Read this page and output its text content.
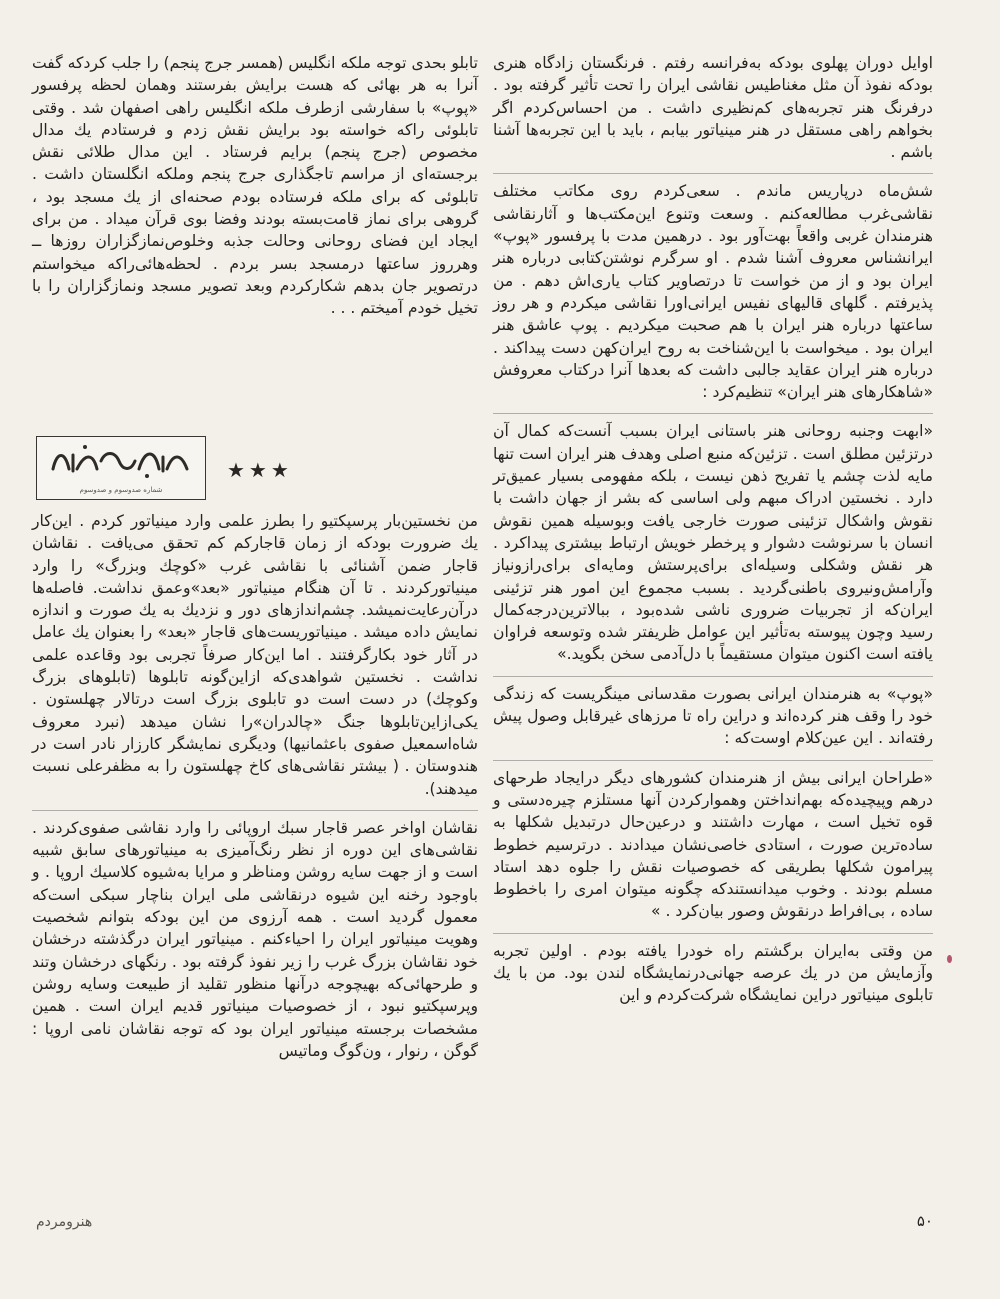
اوایل دوران پهلوی بودکه به‌فرانسه رفتم . فرنگستان زادگاه هنری بودکه نفوذ آن مثل مغناطیس نقاشی ایران را تحت تأثیر گرفته بود . درفرنگ هنر تجربه‌های کم‌نظیری داشت . من احساس‌کردم اگر بخواهم راهی مستقل در هنر مینیاتور بیابم ، باید با این تجربه‌ها آشنا باشم .

شش‌ماه درپاریس ماندم . سعی‌کردم روی مکاتب مختلف نقاشی‌غرب مطالعه‌کنم . وسعت وتنوع این‌مکتب‌ها و آثارنقاشی هنرمندان غربی واقعاً بهت‌آور بود . درهمین مدت با پرفسور «پوپ» ایرانشناس معروف آشنا شدم . او سرگرم نوشتن‌کتابی درباره هنر ایران بود و از من خواست تا درتصاویر کتاب یاری‌اش دهم . من پذیرفتم . گلهای قالیهای نفیس ایرانی‌اورا نقاشی میکردم و هر روز ساعتها درباره هنر ایران با هم صحبت میکردیم . پوپ عاشق هنر ایران بود . میخواست با این‌شناخت به روح ایران‌کهن دست پیداکند . درباره هنر ایران عقاید جالبی داشت که بعدها آنرا درکتاب معروفش «شاهکارهای هنر ایران» تنظیم‌کرد :

«ابهت وجنبه روحانی هنر باستانی ایران بسبب آنست‌که کمال آن درتزئین مطلق است . تزئین‌که منبع اصلی وهدف هنر ایران است تنها مایه لذت چشم یا تفریح ذهن نیست ، بلکه مفهومی بسیار عمیق‌تر دارد . نخستین ادراک مبهم ولی اساسی که بشر از جهان داشت با نقوش واشکال تزئینی صورت خارجی یافت وبوسیله همین نقوش انسان با سرنوشت دشوار و پرخطر خویش ارتباط بیشتری پیداکرد . هر نقش وشکلی وسیله‌ای برای‌پرستش ومایه‌ای برای‌رازونیاز وآرامش‌ونیروی باطنی‌گردید . بسبب مجموع این امور هنر تزئینی ایران‌که از تجربیات ضروری ناشی شده‌بود ، ببالاترین‌درجه‌کمال رسید وچون پیوسته به‌تأثیر این عوامل ظریفتر شده وتوسعه فراوان یافته است اکنون میتوان مستقیماً با دل‌آدمی سخن بگوید.»

«پوپ» به هنرمندان ایرانی بصورت مقدسانی مینگریست که زندگی خود را وقف هنر کرده‌اند و دراین راه تا مرزهای غیرقابل وصول پیش رفته‌اند . این عین‌کلام اوست‌که :

«طراحان ایرانی بیش از هنرمندان کشورهای دیگر درایجاد طرحهای درهم وپیچیده‌که بهم‌انداختن وهموارکردن آنها مستلزم چیره‌دستی و قوه تخیل است ، مهارت داشتند و درعین‌حال درتبدیل شکلها به ساده‌ترین صورت ، استادی خاصی‌نشان میدادند . درترسیم خطوط پیرامون شکلها بطریقی که خصوصیات نقش را جلوه دهد استاد مسلم بودند . وخوب میدانستندکه چگونه میتوان امری را باخطوط ساده ، بی‌افراط درنقوش وصور بیان‌کرد . »

من وقتی به‌ایران برگشتم راه خودرا یافته بودم . اولین تجربه وآزمایش من در یك عرصه جهانی‌درنمایشگاه لندن بود. من با یك تابلوی مینیاتور دراین نمایشگاه شرکت‌کردم و این

تابلو بحدی توجه ملکه انگلیس (همسر جرج پنجم) را جلب کردکه گفت آنرا به هر بهائی که هست برایش بفرستند وهمان لحظه پرفسور «پوپ» با سفارشی ازطرف ملکه انگلیس راهی اصفهان شد . وقتی تابلوئی راکه خواسته بود برایش نقش زدم و فرستادم یك مدال مخصوص (جرج پنجم) برایم فرستاد . این مدال طلائی نقش برجسته‌ای از مراسم تاجگذاری جرج پنجم وملکه انگلستان داشت . تابلوئی که برای ملکه فرستاده بودم صحنه‌ای از یك مسجد بود ، گروهی برای نماز قامت‌بسته بودند وفضا بوی قرآن میداد . من برای ایجاد این فضای روحانی وحالت جذبه وخلوص‌نمازگزاران روزها ــ وهرروز ساعتها درمسجد بسر بردم . لحظه‌هائی‌راکه میخواستم درتصویر جان بدهم شکارکردم وبعد تصویر مسجد ونمازگزاران را با تخیل خودم آمیختم . . .

شماره صدوسوم و صدوسوم
★★★

من نخستین‌بار پرسپکتیو را بطرز علمی وارد مینیاتور کردم . این‌کار یك ضرورت بودکه از زمان قاجار‌کم کم تحقق می‌یافت . نقاشان قاجار ضمن آشنائی با نقاشی غرب «کوچك وبزرگ» را وارد مینیاتورکردند . تا آن هنگام مینیاتور «بعد»وعمق نداشت. فاصله‌ها درآن‌رعایت‌نمیشد. چشم‌اندازهای دور و نزدیك به یك صورت و اندازه نمایش داده میشد . مینیاتوریست‌های قاجار «بعد» را بعنوان یك عامل در آثار خود بکارگرفتند . اما این‌کار صرفاً تجربی بود وقاعده علمی نداشت . نخستین شواهدی‌که ازاین‌گونه تابلوها (تابلوهای بزرگ وکوچك) در دست است دو تابلوی بزرگ است درتالار چهلستون . یکی‌ازاین‌تابلوها جنگ «چالدران»را نشان میدهد (نبرد معروف شاه‌اسمعیل صفوی باعثمانیها) ودیگری نمایشگر کارزار نادر است در هندوستان . ( بیشتر نقاشی‌های کاخ چهلستون را به مظفرعلی نسبت میدهند).

نقاشان اواخر عصر قاجار سبك اروپائی را وارد نقاشی صفوی‌کردند . نقاشی‌های این دوره از نظر رنگ‌آمیزی به مینیاتورهای سابق شبیه است و از جهت سایه روشن ومناظر و مرایا به‌شیوه کلاسیك اروپا . و باوجود رخنه این شیوه درنقاشی ملی ایران بناچار سبکی است‌که معمول گردید است . همه آرزوی من این بودکه بتوانم شخصیت وهویت مینیاتور ایران را احیاءکنم . مینیاتور ایران درگذشته درخشان خود نقاشان بزرگ غرب را زیر نفوذ گرفته بود . رنگهای درخشان وتند و طرحهائی‌که بهیچوجه درآنها منظور تقلید از طبیعت وسایه روشن وپرسپکتیو نبود ، از خصوصیات مینیاتور قدیم ایران است . همین مشخصات برجسته مینیاتور ایران بود که توجه نقاشان نامی اروپا : گوگن ، رنوار ، ون‌گوگ وماتیس

۵۰
هنرومردم
